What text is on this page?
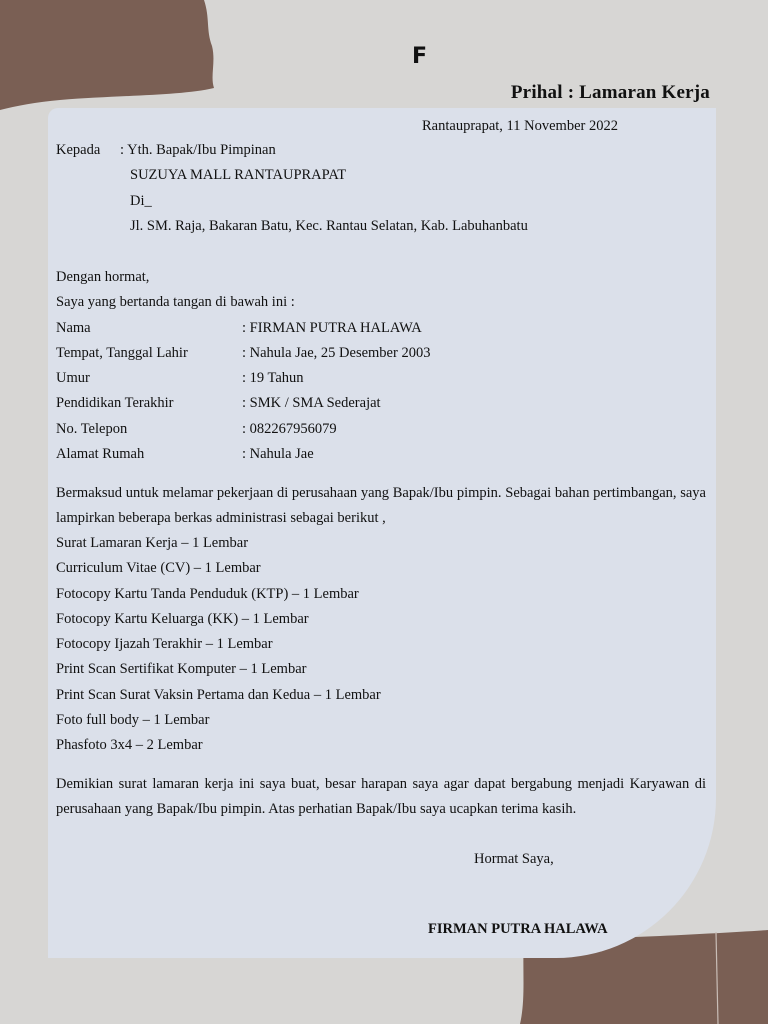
F
Prihal : Lamaran Kerja
Rantauprapat, 11 November 2022
Kepada : Yth. Bapak/Ibu Pimpinan
SUZUYA MALL RANTAUPRAPAT
Di_
Jl. SM. Raja, Bakaran Batu, Kec. Rantau Selatan, Kab. Labuhanbatu
Dengan hormat,
Saya yang bertanda tangan di bawah ini :
Nama	: FIRMAN PUTRA HALAWA
Tempat, Tanggal Lahir	: Nahula Jae, 25 Desember 2003
Umur	: 19 Tahun
Pendidikan Terakhir	: SMK / SMA Sederajat
No. Telepon	: 082267956079
Alamat Rumah	: Nahula Jae
Bermaksud untuk melamar pekerjaan di perusahaan yang Bapak/Ibu pimpin. Sebagai bahan pertimbangan, saya lampirkan beberapa berkas administrasi sebagai berikut ,
Surat Lamaran Kerja – 1 Lembar
Curriculum Vitae (CV) – 1 Lembar
Fotocopy Kartu Tanda Penduduk (KTP) – 1 Lembar
Fotocopy Kartu Keluarga (KK) – 1 Lembar
Fotocopy Ijazah Terakhir – 1 Lembar
Print Scan Sertifikat Komputer – 1 Lembar
Print Scan Surat Vaksin Pertama dan Kedua – 1 Lembar
Foto full body – 1 Lembar
Phasfoto 3x4 – 2 Lembar
Demikian surat lamaran kerja ini saya buat, besar harapan saya agar dapat bergabung menjadi Karyawan di perusahaan yang Bapak/Ibu pimpin. Atas perhatian Bapak/Ibu saya ucapkan terima kasih.
Hormat Saya,
FIRMAN PUTRA HALAWA
